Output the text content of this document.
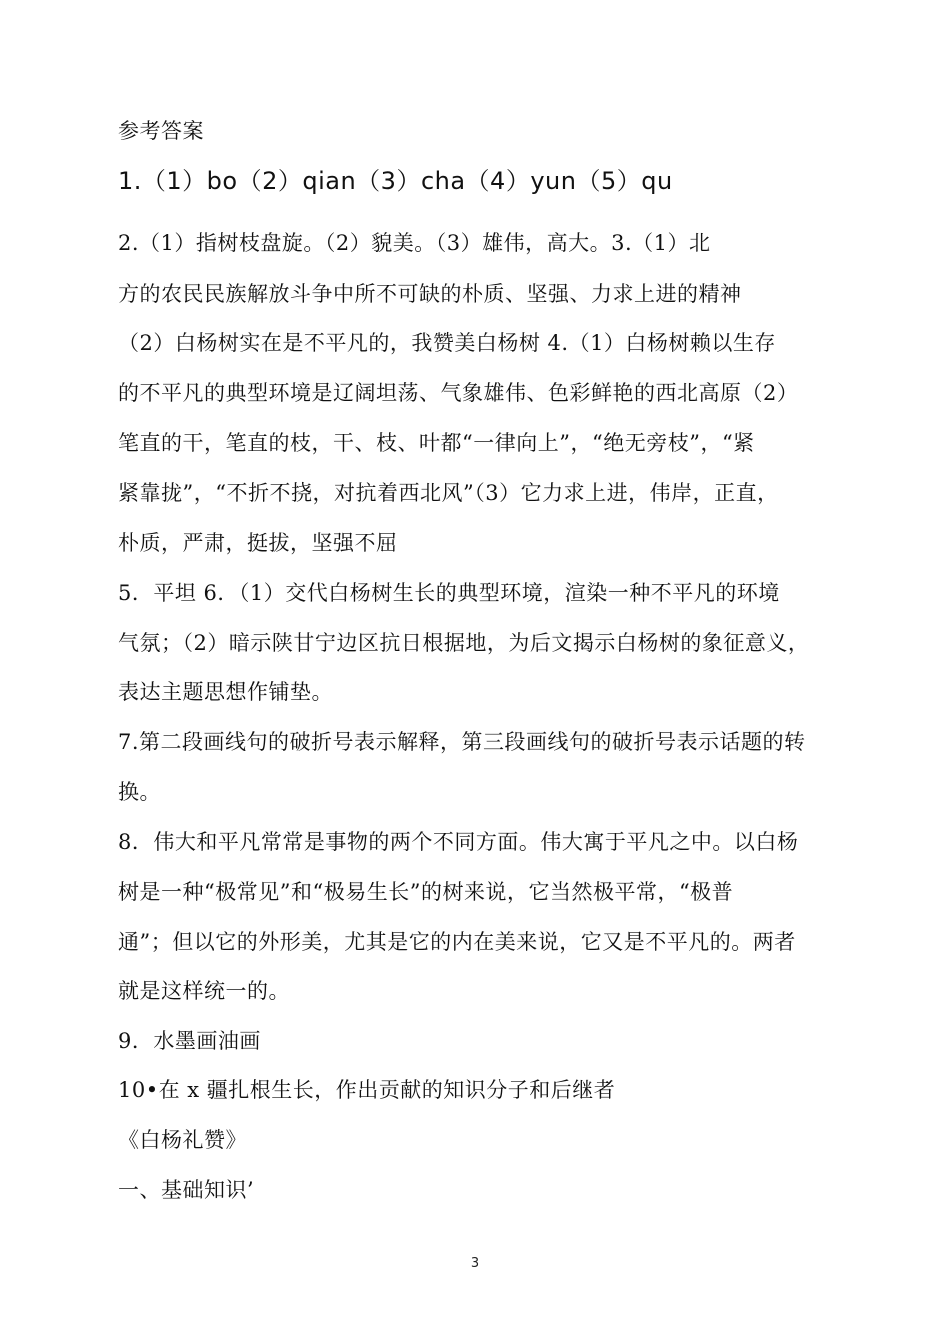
参考答案
1.（1）bo（2）qian（3）cha（4）yun（5）qu
2.（1）指树枝盘旋。（2）貌美。（3）雄伟，高大。3.（1）北
方的农民民族解放斗争中所不可缺的朴质、坚强、力求上进的精神
（2）白杨树实在是不平凡的，我赞美白杨树 4.（1）白杨树赖以生存
的不平凡的典型环境是辽阔坦荡、气象雄伟、色彩鲜艳的西北高原（2）
笔直的干，笔直的枝，干、枝、叶都“一律向上”，“绝无旁枝”，“紧
紧靠拢”，“不折不挠，对抗着西北风”（3）它力求上进，伟岸，正直，
朴质，严肃，挺拔，坚强不屈
5．平坦 6．（1）交代白杨树生长的典型环境，渲染一种不平凡的环境
气氛；（2）暗示陕甘宁边区抗日根据地，为后文揭示白杨树的象征意义，
表达主题思想作铺垫。
7.第二段画线句的破折号表示解释，第三段画线句的破折号表示话题的转
换。
8．伟大和平凡常常是事物的两个不同方面。伟大寓于平凡之中。以白杨
树是一种“极常见”和“极易生长”的树来说，它当然极平常，“极普
通”；但以它的外形美，尤其是它的内在美来说，它又是不平凡的。两者
就是这样统一的。
9．水墨画油画
10•在 x 疆扎根生长，作出贡献的知识分子和后继者
《白杨礼赞》
一、基础知识’
3
